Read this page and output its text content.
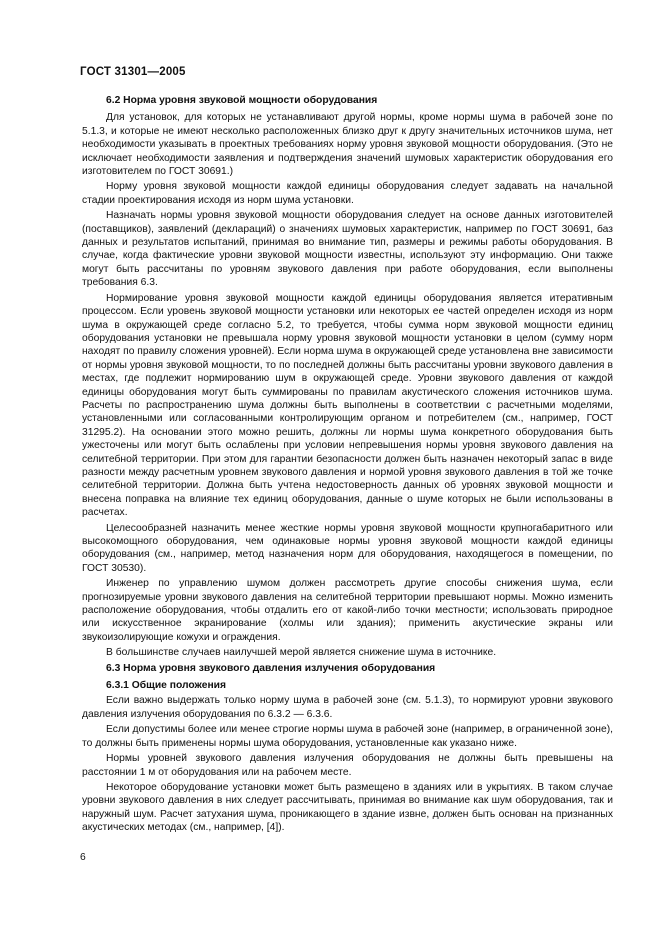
ГОСТ 31301—2005
6.2 Норма уровня звуковой мощности оборудования

Для установок, для которых не устанавливают другой нормы, кроме нормы шума в рабочей зоне по 5.1.3, и которые не имеют несколько расположенных близко друг к другу значительных источников шума, нет необходимости указывать в проектных требованиях норму уровня звуковой мощности оборудования. (Это не исключает необходимости заявления и подтверждения значений шумовых характеристик оборудования его изготовителем по ГОСТ 30691.)

Норму уровня звуковой мощности каждой единицы оборудования следует задавать на начальной стадии проектирования исходя из норм шума установки.

Назначать нормы уровня звуковой мощности оборудования следует на основе данных изготовителей (поставщиков), заявлений (деклараций) о значениях шумовых характеристик, например по ГОСТ 30691, баз данных и результатов испытаний, принимая во внимание тип, размеры и режимы работы оборудования. В случае, когда фактические уровни звуковой мощности известны, используют эту информацию. Они также могут быть рассчитаны по уровням звукового давления при работе оборудования, если выполнены требования 6.3.

Нормирование уровня звуковой мощности каждой единицы оборудования является итеративным процессом. Если уровень звуковой мощности установки или некоторых ее частей определен исходя из норм шума в окружающей среде согласно 5.2, то требуется, чтобы сумма норм звуковой мощности единиц оборудования установки не превышала норму уровня звуковой мощности установки в целом (сумму норм находят по правилу сложения уровней). Если норма шума в окружающей среде установлена вне зависимости от нормы уровня звуковой мощности, то по последней должны быть рассчитаны уровни звукового давления в местах, где подлежит нормированию шум в окружающей среде. Уровни звукового давления от каждой единицы оборудования могут быть суммированы по правилам акустического сложения источников шума. Расчеты по распространению шума должны быть выполнены в соответствии с расчетными моделями, установленными или согласованными контролирующим органом и потребителем (см., например, ГОСТ 31295.2). На основании этого можно решить, должны ли нормы шума конкретного оборудования быть ужесточены или могут быть ослаблены при условии непревышения нормы уровня звукового давления на селитебной территории. При этом для гарантии безопасности должен быть назначен некоторый запас в виде разности между расчетным уровнем звукового давления и нормой уровня звукового давления в той же точке селитебной территории. Должна быть учтена недостоверность данных об уровнях звуковой мощности и внесена поправка на влияние тех единиц оборудования, данные о шуме которых не были использованы в расчетах.

Целесообразней назначить менее жесткие нормы уровня звуковой мощности крупногабаритного или высокомощного оборудования, чем одинаковые нормы уровня звуковой мощности каждой единицы оборудования (см., например, метод назначения норм для оборудования, находящегося в помещении, по ГОСТ 30530).

Инженер по управлению шумом должен рассмотреть другие способы снижения шума, если прогнозируемые уровни звукового давления на селитебной территории превышают нормы. Можно изменить расположение оборудования, чтобы отдалить его от какой-либо точки местности; использовать природное или искусственное экранирование (холмы или здания); применить акустические экраны или звукоизолирующие кожухи и ограждения.

В большинстве случаев наилучшей мерой является снижение шума в источнике.

6.3 Норма уровня звукового давления излучения оборудования
6.3.1 Общие положения

Если важно выдержать только норму шума в рабочей зоне (см. 5.1.3), то нормируют уровни звукового давления излучения оборудования по 6.3.2 — 6.3.6.

Если допустимы более или менее строгие нормы шума в рабочей зоне (например, в ограниченной зоне), то должны быть применены нормы шума оборудования, установленные как указано ниже.

Нормы уровней звукового давления излучения оборудования не должны быть превышены на расстоянии 1 м от оборудования или на рабочем месте.

Некоторое оборудование установки может быть размещено в зданиях или в укрытиях. В таком случае уровни звукового давления в них следует рассчитывать, принимая во внимание как шум оборудования, так и наружный шум. Расчет затухания шума, проникающего в здание извне, должен быть основан на признанных акустических методах (см., например, [4]).

6
